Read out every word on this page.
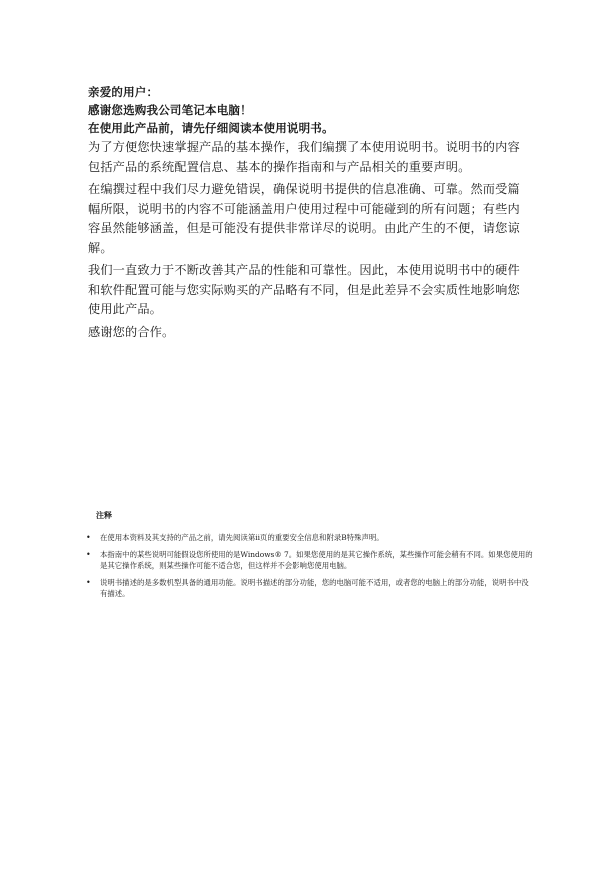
亲爱的用户：
感谢您选购我公司笔记本电脑！
在使用此产品前，请先仔细阅读本使用说明书。

为了方便您快速掌握产品的基本操作，我们编撰了本使用说明书。说明书的内容包括产品的系统配置信息、基本的操作指南和与产品相关的重要声明。

在编撰过程中我们尽力避免错误，确保说明书提供的信息准确、可靠。然而受篇幅所限，说明书的内容不可能涵盖用户使用过程中可能碰到的所有问题；有些内容虽然能够涵盖，但是可能没有提供非常详尽的说明。由此产生的不便，请您谅解。

我们一直致力于不断改善其产品的性能和可靠性。因此，本使用说明书中的硬件和软件配置可能与您实际购买的产品略有不同，但是此差异不会实质性地影响您使用此产品。

感谢您的合作。

注释
• 在使用本资料及其支持的产品之前，请先阅读第ii页的重要安全信息和附录B特殊声明。
• 本指南中的某些说明可能假设您所使用的是Windows® 7。如果您使用的是其它操作系统，某些操作可能会稍有不同。如果您使用的是其它操作系统，则某些操作可能不适合您，但这样并不会影响您使用电脑。
• 说明书描述的是多数机型具备的通用功能。说明书描述的部分功能，您的电脑可能不适用，或者您的电脑上的部分功能，说明书中没有描述。
